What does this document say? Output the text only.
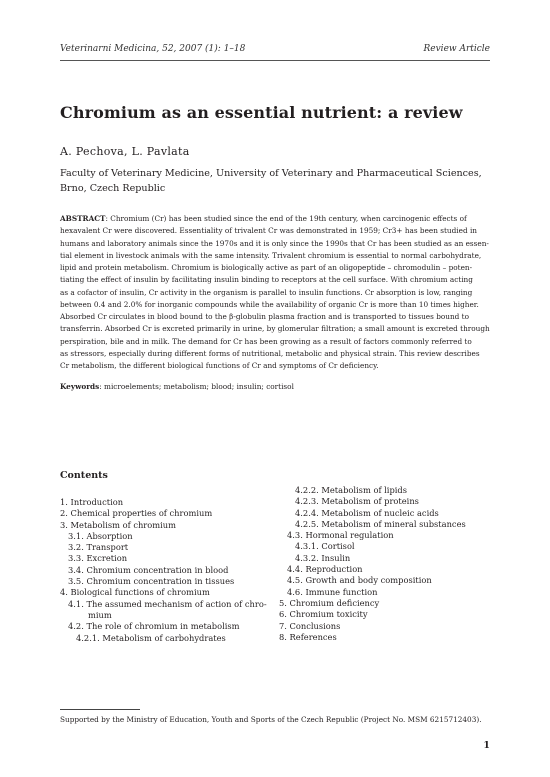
Veterinarni Medicina, 52, 2007 (1): 1–18	Review Article
Chromium as an essential nutrient: a review
A. Pechova, L. Pavlata
Faculty of Veterinary Medicine, University of Veterinary and Pharmaceutical Sciences, Brno, Czech Republic
ABSTRACT: Chromium (Cr) has been studied since the end of the 19th century, when carcinogenic effects of
hexavalent Cr were discovered. Essentiality of trivalent Cr was demonstrated in 1959; Cr3+ has been studied in
humans and laboratory animals since the 1970s and it is only since the 1990s that Cr has been studied as an essen-
tial element in livestock animals with the same intensity. Trivalent chromium is essential to normal carbohydrate,
lipid and protein metabolism. Chromium is biologically active as part of an oligopeptide – chromodulin – poten-
tiating the effect of insulin by facilitating insulin binding to receptors at the cell surface. With chromium acting
as a cofactor of insulin, Cr activity in the organism is parallel to insulin functions. Cr absorption is low, ranging
between 0.4 and 2.0% for inorganic compounds while the availability of organic Cr is more than 10 times higher.
Absorbed Cr circulates in blood bound to the β-globulin plasma fraction and is transported to tissues bound to
transferrin. Absorbed Cr is excreted primarily in urine, by glomerular filtration; a small amount is excreted through
perspiration, bile and in milk. The demand for Cr has been growing as a result of factors commonly referred to
as stressors, especially during different forms of nutritional, metabolic and physical strain. This review describes
Cr metabolism, the different biological functions of Cr and symptoms of Cr deficiency.
Keywords: microelements; metabolism; blood; insulin; cortisol
Contents
1. Introduction
2. Chemical properties of chromium
3. Metabolism of chromium
3.1. Absorption
3.2. Transport
3.3. Excretion
3.4. Chromium concentration in blood
3.5. Chromium concentration in tissues
4. Biological functions of chromium
4.1. The assumed mechanism of action of chro-
mium
4.2. The role of chromium in metabolism
4.2.1. Metabolism of carbohydrates
4.2.2. Metabolism of lipids
4.2.3. Metabolism of proteins
4.2.4. Metabolism of nucleic acids
4.2.5. Metabolism of mineral substances
4.3. Hormonal regulation
4.3.1. Cortisol
4.3.2. Insulin
4.4. Reproduction
4.5. Growth and body composition
4.6. Immune function
5. Chromium deficiency
6. Chromium toxicity
7. Conclusions
8. References
Supported by the Ministry of Education, Youth and Sports of the Czech Republic (Project No. MSM 6215712403).
1
